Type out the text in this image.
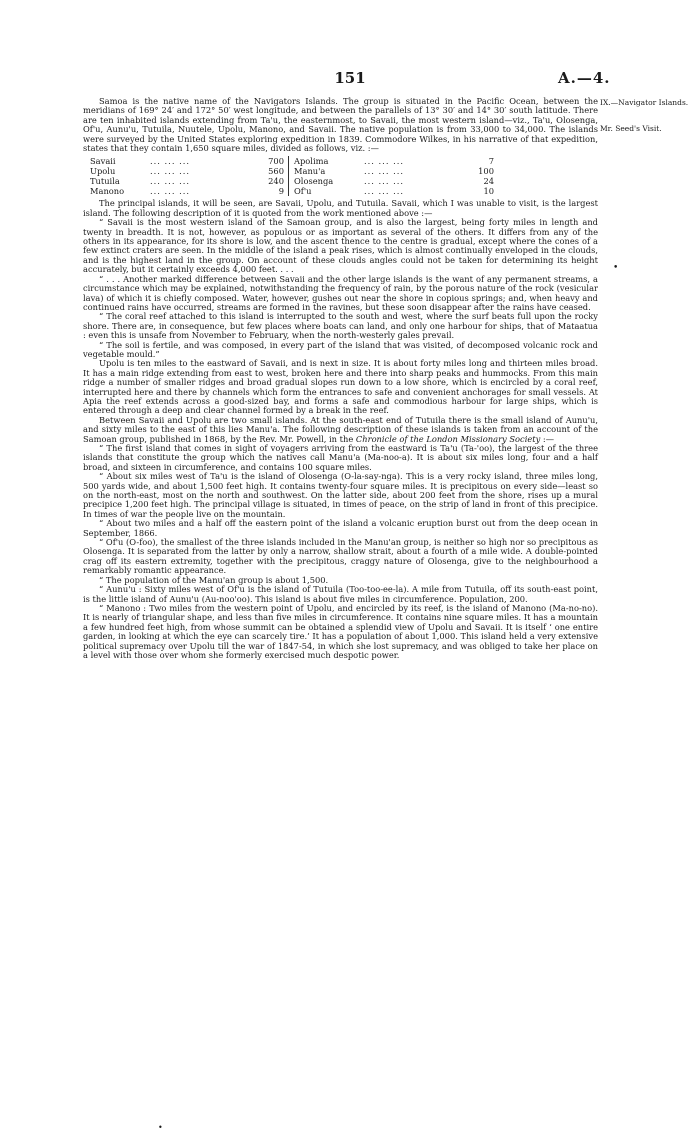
151	A.—4.
IX.—Navigator Islands.
Mr. Seed's Visit.
•

Samoa is the native name of the Navigators Islands. The group is situated in the Pacific Ocean, between the meridians of 169° 24′ and 172° 50′ west longitude, and between the parallels of 13° 30′ and 14° 30′ south latitude. There are ten inhabited islands extending from Ta'u, the easternmost, to Savaii, the most western island—viz., Ta'u, Olosenga, Of'u, Aunu'u, Tutuila, Nuutele, Upolu, Manono, and Savaii. The native population is from 33,000 to 34,000. The islands were surveyed by the United States exploring expedition in 1839. Commodore Wilkes, in his narrative of that expedition, states that they contain 1,650 square miles, divided as follows, viz. :—

Savaii	... ... ...	700	Apolima	... ... ...	7
Upolu	... ... ...	560	Manu'a	... ... ...	100
Tutuila	... ... ...	240	Olosenga	... ... ...	24
Manono	... ... ...	9	Of'u	... ... ...	10

The principal islands, it will be seen, are Savaii, Upolu, and Tutuila. Savaii, which I was unable to visit, is the largest island. The following description of it is quoted from the work mentioned above :—

“ Savaii is the most western island of the Samoan group, and is also the largest, being forty miles in length and twenty in breadth. It is not, however, as populous or as important as several of the others. It differs from any of the others in its appearance, for its shore is low, and the ascent thence to the centre is gradual, except where the cones of a few extinct craters are seen. In the middle of the island a peak rises, which is almost continually enveloped in the clouds, and is the highest land in the group. On account of these clouds angles could not be taken for determining its height accurately, but it certainly exceeds 4,000 feet. . . .

“ . . . Another marked difference between Savaii and the other large islands is the want of any permanent streams, a circumstance which may be explained, notwithstanding the frequency of rain, by the porous nature of the rock (vesicular lava) of which it is chiefly composed. Water, however, gushes out near the shore in copious springs; and, when heavy and continued rains have occurred, streams are formed in the ravines, but these soon disappear after the rains have ceased.

“ The coral reef attached to this island is interrupted to the south and west, where the surf beats full upon the rocky shore. There are, in consequence, but few places where boats can land, and only one harbour for ships, that of Mataatua : even this is unsafe from November to February, when the north-westerly gales prevail.

“ The soil is fertile, and was composed, in every part of the island that was visited, of decomposed volcanic rock and vegetable mould.”

Upolu is ten miles to the eastward of Savaii, and is next in size. It is about forty miles long and thirteen miles broad. It has a main ridge extending from east to west, broken here and there into sharp peaks and hummocks. From this main ridge a number of smaller ridges and broad gradual slopes run down to a low shore, which is encircled by a coral reef, interrupted here and there by channels which form the entrances to safe and convenient anchorages for small vessels. At Apia the reef extends across a good-sized bay, and forms a safe and commodious harbour for large ships, which is entered through a deep and clear channel formed by a break in the reef.

Between Savaii and Upolu are two small islands. At the south-east end of Tutuila there is the small island of Aunu'u, and sixty miles to the east of this lies Manu'a. The following description of these islands is taken from an account of the Samoan group, published in 1868, by the Rev. Mr. Powell, in the Chronicle of the London Missionary Society :—

“ The first island that comes in sight of voyagers arriving from the eastward is Ta'u (Ta-'oo), the largest of the three islands that constitute the group which the natives call Manu'a (Ma-noo-a). It is about six miles long, four and a half broad, and sixteen in circumference, and contains 100 square miles.

“ About six miles west of Ta'u is the island of Olosenga (O-la-say-nga). This is a very rocky island, three miles long, 500 yards wide, and about 1,500 feet high. It contains twenty-four square miles. It is precipitous on every side—least so on the north-east, most on the north and southwest. On the latter side, about 200 feet from the shore, rises up a mural precipice 1,200 feet high. The principal village is situated, in times of peace, on the strip of land in front of this precipice. In times of war the people live on the mountain.

“ About two miles and a half off the eastern point of the island a volcanic eruption burst out from the deep ocean in September, 1866.

“ Of'u (O-foo), the smallest of the three islands included in the Manu'an group, is neither so high nor so precipitous as Olosenga. It is separated from the latter by only a narrow, shallow strait, about a fourth of a mile wide. A double-pointed crag off its eastern extremity, together with the precipitous, craggy nature of Olosenga, give to the neighbourhood a remarkably romantic appearance.

“ The population of the Manu'an group is about 1,500.

“ Aunu'u : Sixty miles west of Of'u is the island of Tutuila (Too-too-ee-la). A mile from Tutuila, off its south-east point, is the little island of Aunu'u (Au-noo'oo). This island is about five miles in circumference. Population, 200.

“ Manono : Two miles from the western point of Upolu, and encircled by its reef, is the island of Manono (Ma-no-no). It is nearly of triangular shape, and less than five miles in circumference. It contains nine square miles. It has a mountain a few hundred feet high, from whose summit can be obtained a splendid view of Upolu and Savaii. It is itself ‘ one entire garden, in looking at which the eye can scarcely tire.’ It has a population of about 1,000. This island held a very extensive political supremacy over Upolu till the war of 1847-54, in which she lost supremacy, and was obliged to take her place on a level with those over whom she formerly exercised much despotic power.

•
